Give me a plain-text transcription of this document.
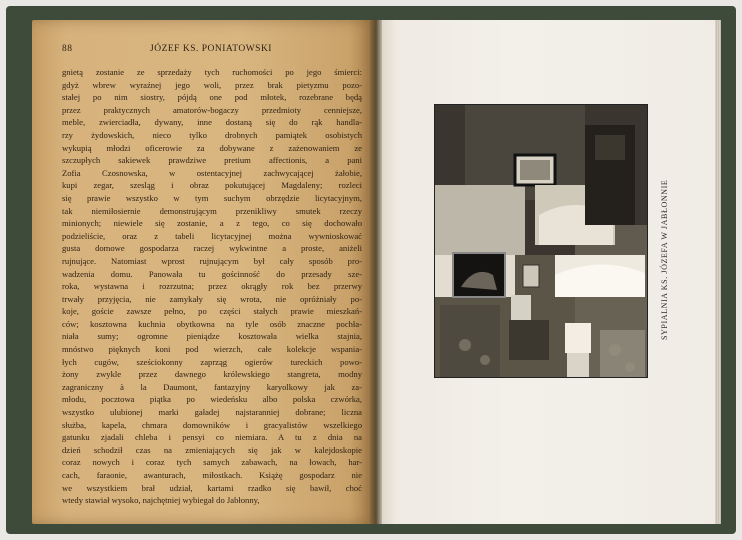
88	JÓZEF KS. PONIATOWSKI
gnietą zostanie ze sprzedaży tych ruchomości po jego śmierci:
gdyż wbrew wyraźnej jego woli, przez brak pietyzmu pozo-
stałej po nim siostry, pójdą one pod młotek, rozebrane będą
przez praktycznych amatorów-bogaczy przedmioty cenniejsze,
meble, zwierciadła, dywany, inne dostaną się do rąk handla-
rzy żydowskich, nieco tylko drobnych pamiątek osobistych
wykupią młodzi oficerowie za dobywane z zażenowaniem ze
szczupłych sakiewek prawdziwe pretium affectionis, a pani
Zofia Czosnowska, w ostentacyjnej zachwycającej żałobie,
kupi zegar, szesląg i obraz pokutującej Magdaleny; rozleci
się prawie wszystko w tym suchym obrzędzie licytacyjnym,
tak niemiłosiernie demonstrującym przenikliwy smutek rzeczy
minionych; niewiele się zostanie, a z tego, co się dochowało
podzieliście, oraz z tabeli licytacyjnej można wywnioskować
gusta domowe gospodarza raczej wykwintne a proste, aniżeli
rujnujące. Natomiast wprost rujnującym był cały sposób pro-
wadzenia domu. Panowała tu gościnność do przesady sze-
roka, wystawna i rozrzutna; przez okrągły rok bez przerwy
trwały przyjęcia, nie zamykały się wrota, nie opróżniały po-
koje, goście zawsze pełno, po części stałych prawie mieszkań-
ców; kosztowna kuchnia obytkowna na tyle osób znaczne pochła-
niała sumy; ogromne pieniądze kosztowała wielka stajnia,
mnóstwo pięknych koni pod wierzch, całe kolekcje wspania-
łych cugów, sześciokonny zaprząg ogierów tureckich powo-
żony zwykle przez dawnego królewskiego stangreta, modny
zagraniczny à la Daumont, fantazyjny karyolkowy jak za-
młodu, pocztowa piątka po wiedeńsku albo polska czwórka,
wszystko ulubionej marki gaładej najstaranniej dobrane; liczna
służba, kapela, chmara domowników i gracyalistów wszelkiego
gatunku zjadali chleba i pensyi co niemiara. A tu z dnia na
dzień schodził czas na zmieniających się jak w kalejdoskopie
coraz nowych i coraz tych samych zabawach, na łowach, har-
cach, faraonie, awanturach, miłostkach. Książę gospodarz nie
we wszystkiem brał udział, kartami rzadko się bawił, choć
wtedy stawiał wysoko, najchętniej wybiegał do Jabłonny,
